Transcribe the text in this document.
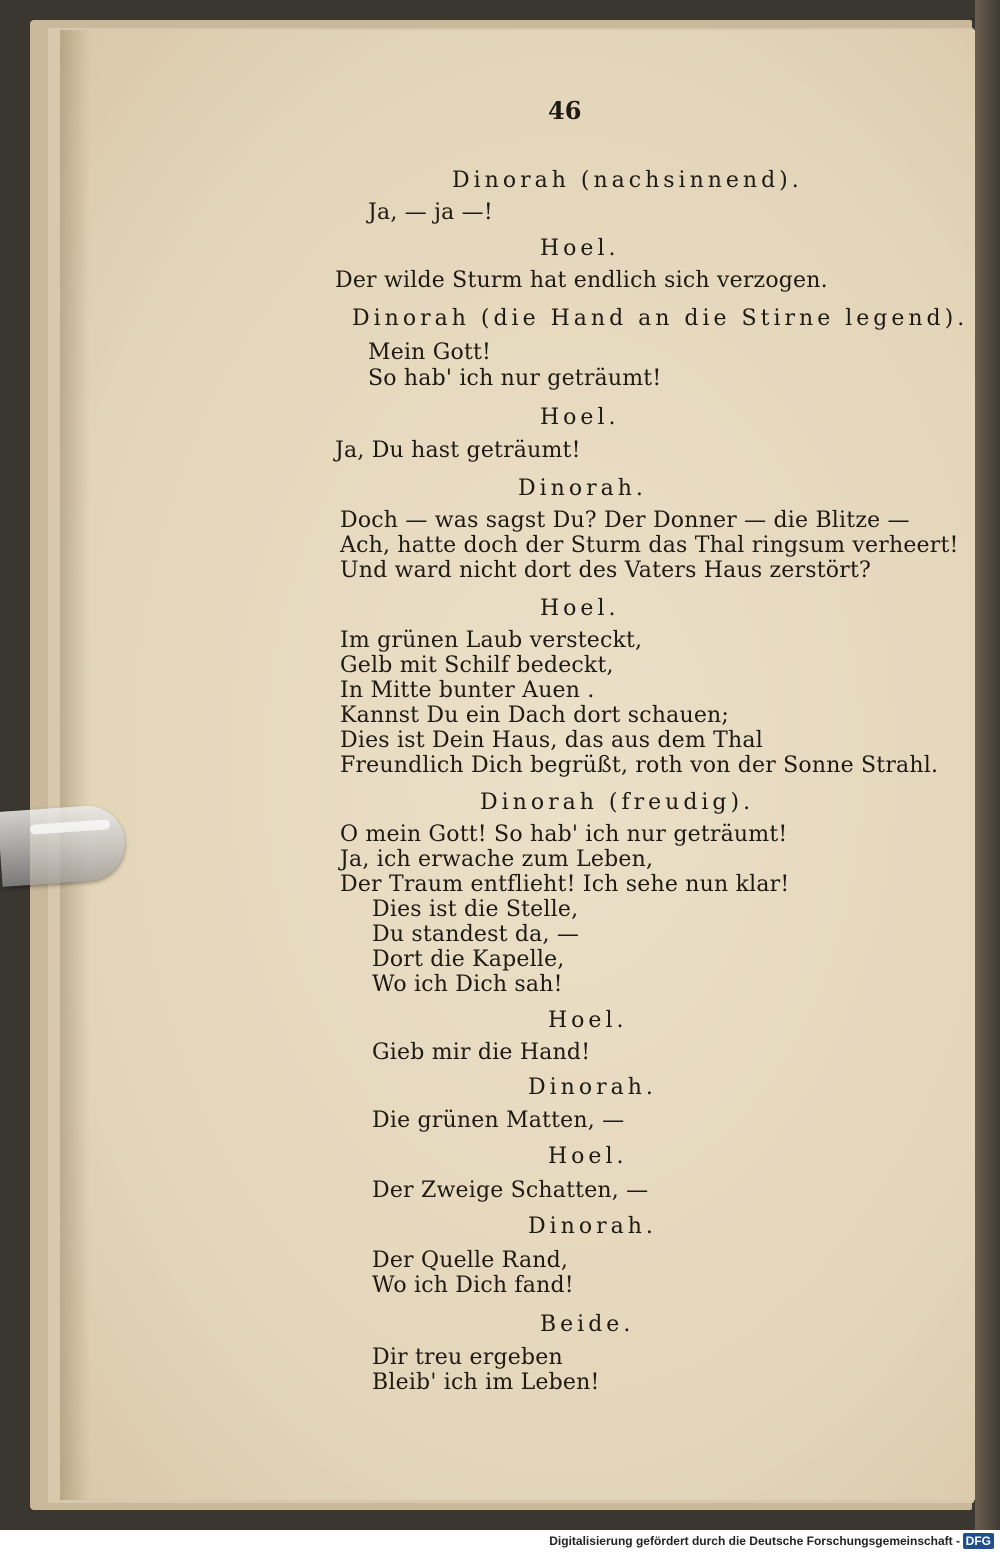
46
Dinorah (nachsinnend).
Ja, — ja —!
Hoel.
Der wilde Sturm hat endlich sich verzogen.
Dinorah (die Hand an die Stirne legend).
Mein Gott!
So hab' ich nur geträumt!
Hoel.
Ja, Du hast geträumt!
Dinorah.
Doch — was sagst Du? Der Donner — die Blitze —
Ach, hatte doch der Sturm das Thal ringsum verheert!
Und ward nicht dort des Vaters Haus zerstört?
Hoel.
Im grünen Laub versteckt,
Gelb mit Schilf bedeckt,
In Mitte bunter Auen .
Kannst Du ein Dach dort schauen;
Dies ist Dein Haus, das aus dem Thal
Freundlich Dich begrüßt, roth von der Sonne Strahl.
Dinorah (freudig).
O mein Gott! So hab' ich nur geträumt!
Ja, ich erwache zum Leben,
Der Traum entflieht! Ich sehe nun klar!
Dies ist die Stelle,
Du standest da, —
Dort die Kapelle,
Wo ich Dich sah!
Hoel.
Gieb mir die Hand!
Dinorah.
Die grünen Matten, —
Hoel.
Der Zweige Schatten, —
Dinorah.
Der Quelle Rand,
Wo ich Dich fand!
Beide.
Dir treu ergeben
Bleib' ich im Leben!
Digitalisierung gefördert durch die Deutsche Forschungsgemeinschaft - DFG
